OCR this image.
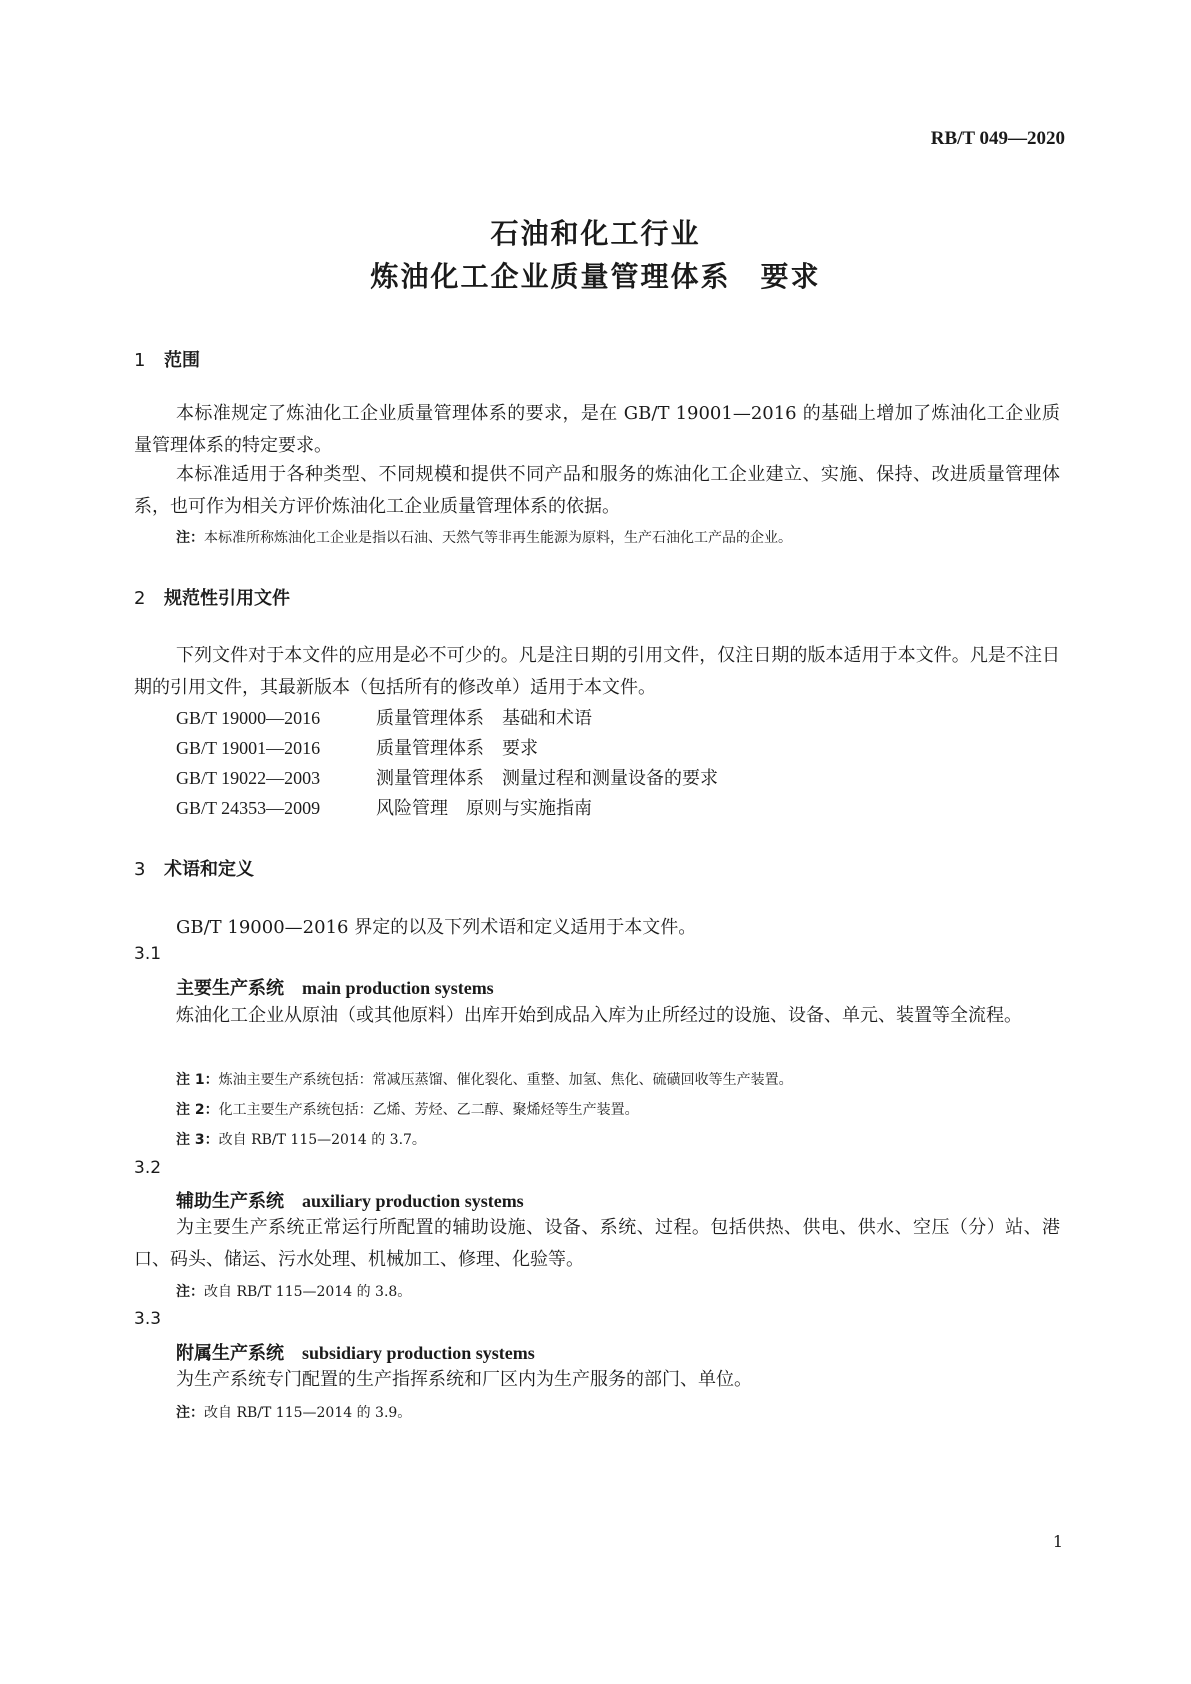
RB/T 049—2020
石油和化工行业
炼油化工企业质量管理体系　要求
1 范围
本标准规定了炼油化工企业质量管理体系的要求，是在 GB/T 19001—2016 的基础上增加了炼油化工企业质量管理体系的特定要求。
本标准适用于各种类型、不同规模和提供不同产品和服务的炼油化工企业建立、实施、保持、改进质量管理体系，也可作为相关方评价炼油化工企业质量管理体系的依据。
注：本标准所称炼油化工企业是指以石油、天然气等非再生能源为原料，生产石油化工产品的企业。
2 规范性引用文件
下列文件对于本文件的应用是必不可少的。凡是注日期的引用文件，仅注日期的版本适用于本文件。凡是不注日期的引用文件，其最新版本（包括所有的修改单）适用于本文件。
GB/T 19000—2016	质量管理体系　基础和术语
GB/T 19001—2016	质量管理体系　要求
GB/T 19022—2003	测量管理体系　测量过程和测量设备的要求
GB/T 24353—2009	风险管理　原则与实施指南
3 术语和定义
GB/T 19000—2016 界定的以及下列术语和定义适用于本文件。
3.1
主要生产系统 main production systems
炼油化工企业从原油（或其他原料）出库开始到成品入库为止所经过的设施、设备、单元、装置等全流程。
注 1：炼油主要生产系统包括：常减压蒸馏、催化裂化、重整、加氢、焦化、硫磺回收等生产装置。
注 2：化工主要生产系统包括：乙烯、芳烃、乙二醇、聚烯烃等生产装置。
注 3：改自 RB/T 115—2014 的 3.7。
3.2
辅助生产系统 auxiliary production systems
为主要生产系统正常运行所配置的辅助设施、设备、系统、过程。包括供热、供电、供水、空压（分）站、港口、码头、储运、污水处理、机械加工、修理、化验等。
注：改自 RB/T 115—2014 的 3.8。
3.3
附属生产系统 subsidiary production systems
为生产系统专门配置的生产指挥系统和厂区内为生产服务的部门、单位。
注：改自 RB/T 115—2014 的 3.9。
1
